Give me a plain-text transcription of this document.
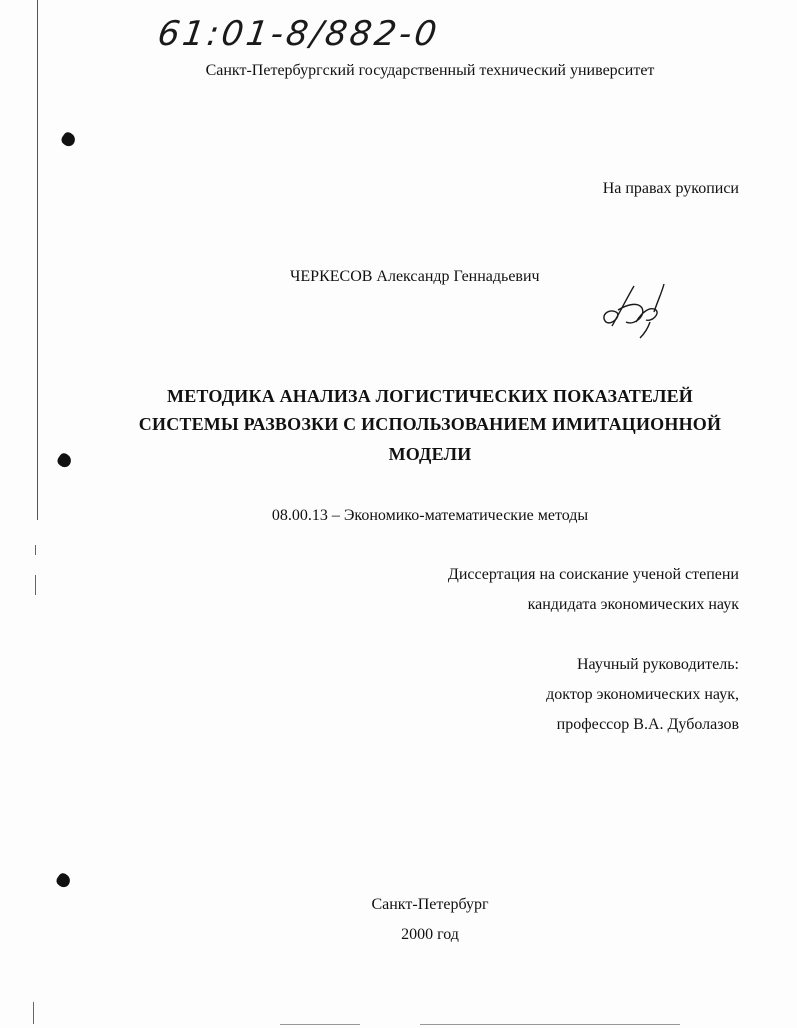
61:01-8/882-0
Санкт-Петербургский государственный технический университет
На правах рукописи
ЧЕРКЕСОВ Александр Геннадьевич
МЕТОДИКА АНАЛИЗА ЛОГИСТИЧЕСКИХ ПОКАЗАТЕЛЕЙ
СИСТЕМЫ РАЗВОЗКИ С ИСПОЛЬЗОВАНИЕМ ИМИТАЦИОННОЙ
МОДЕЛИ
08.00.13 – Экономико-математические методы
Диссертация на соискание ученой степени
кандидата экономических наук
Научный руководитель:
доктор экономических наук,
профессор В.А. Дуболазов
Санкт-Петербург
2000 год
